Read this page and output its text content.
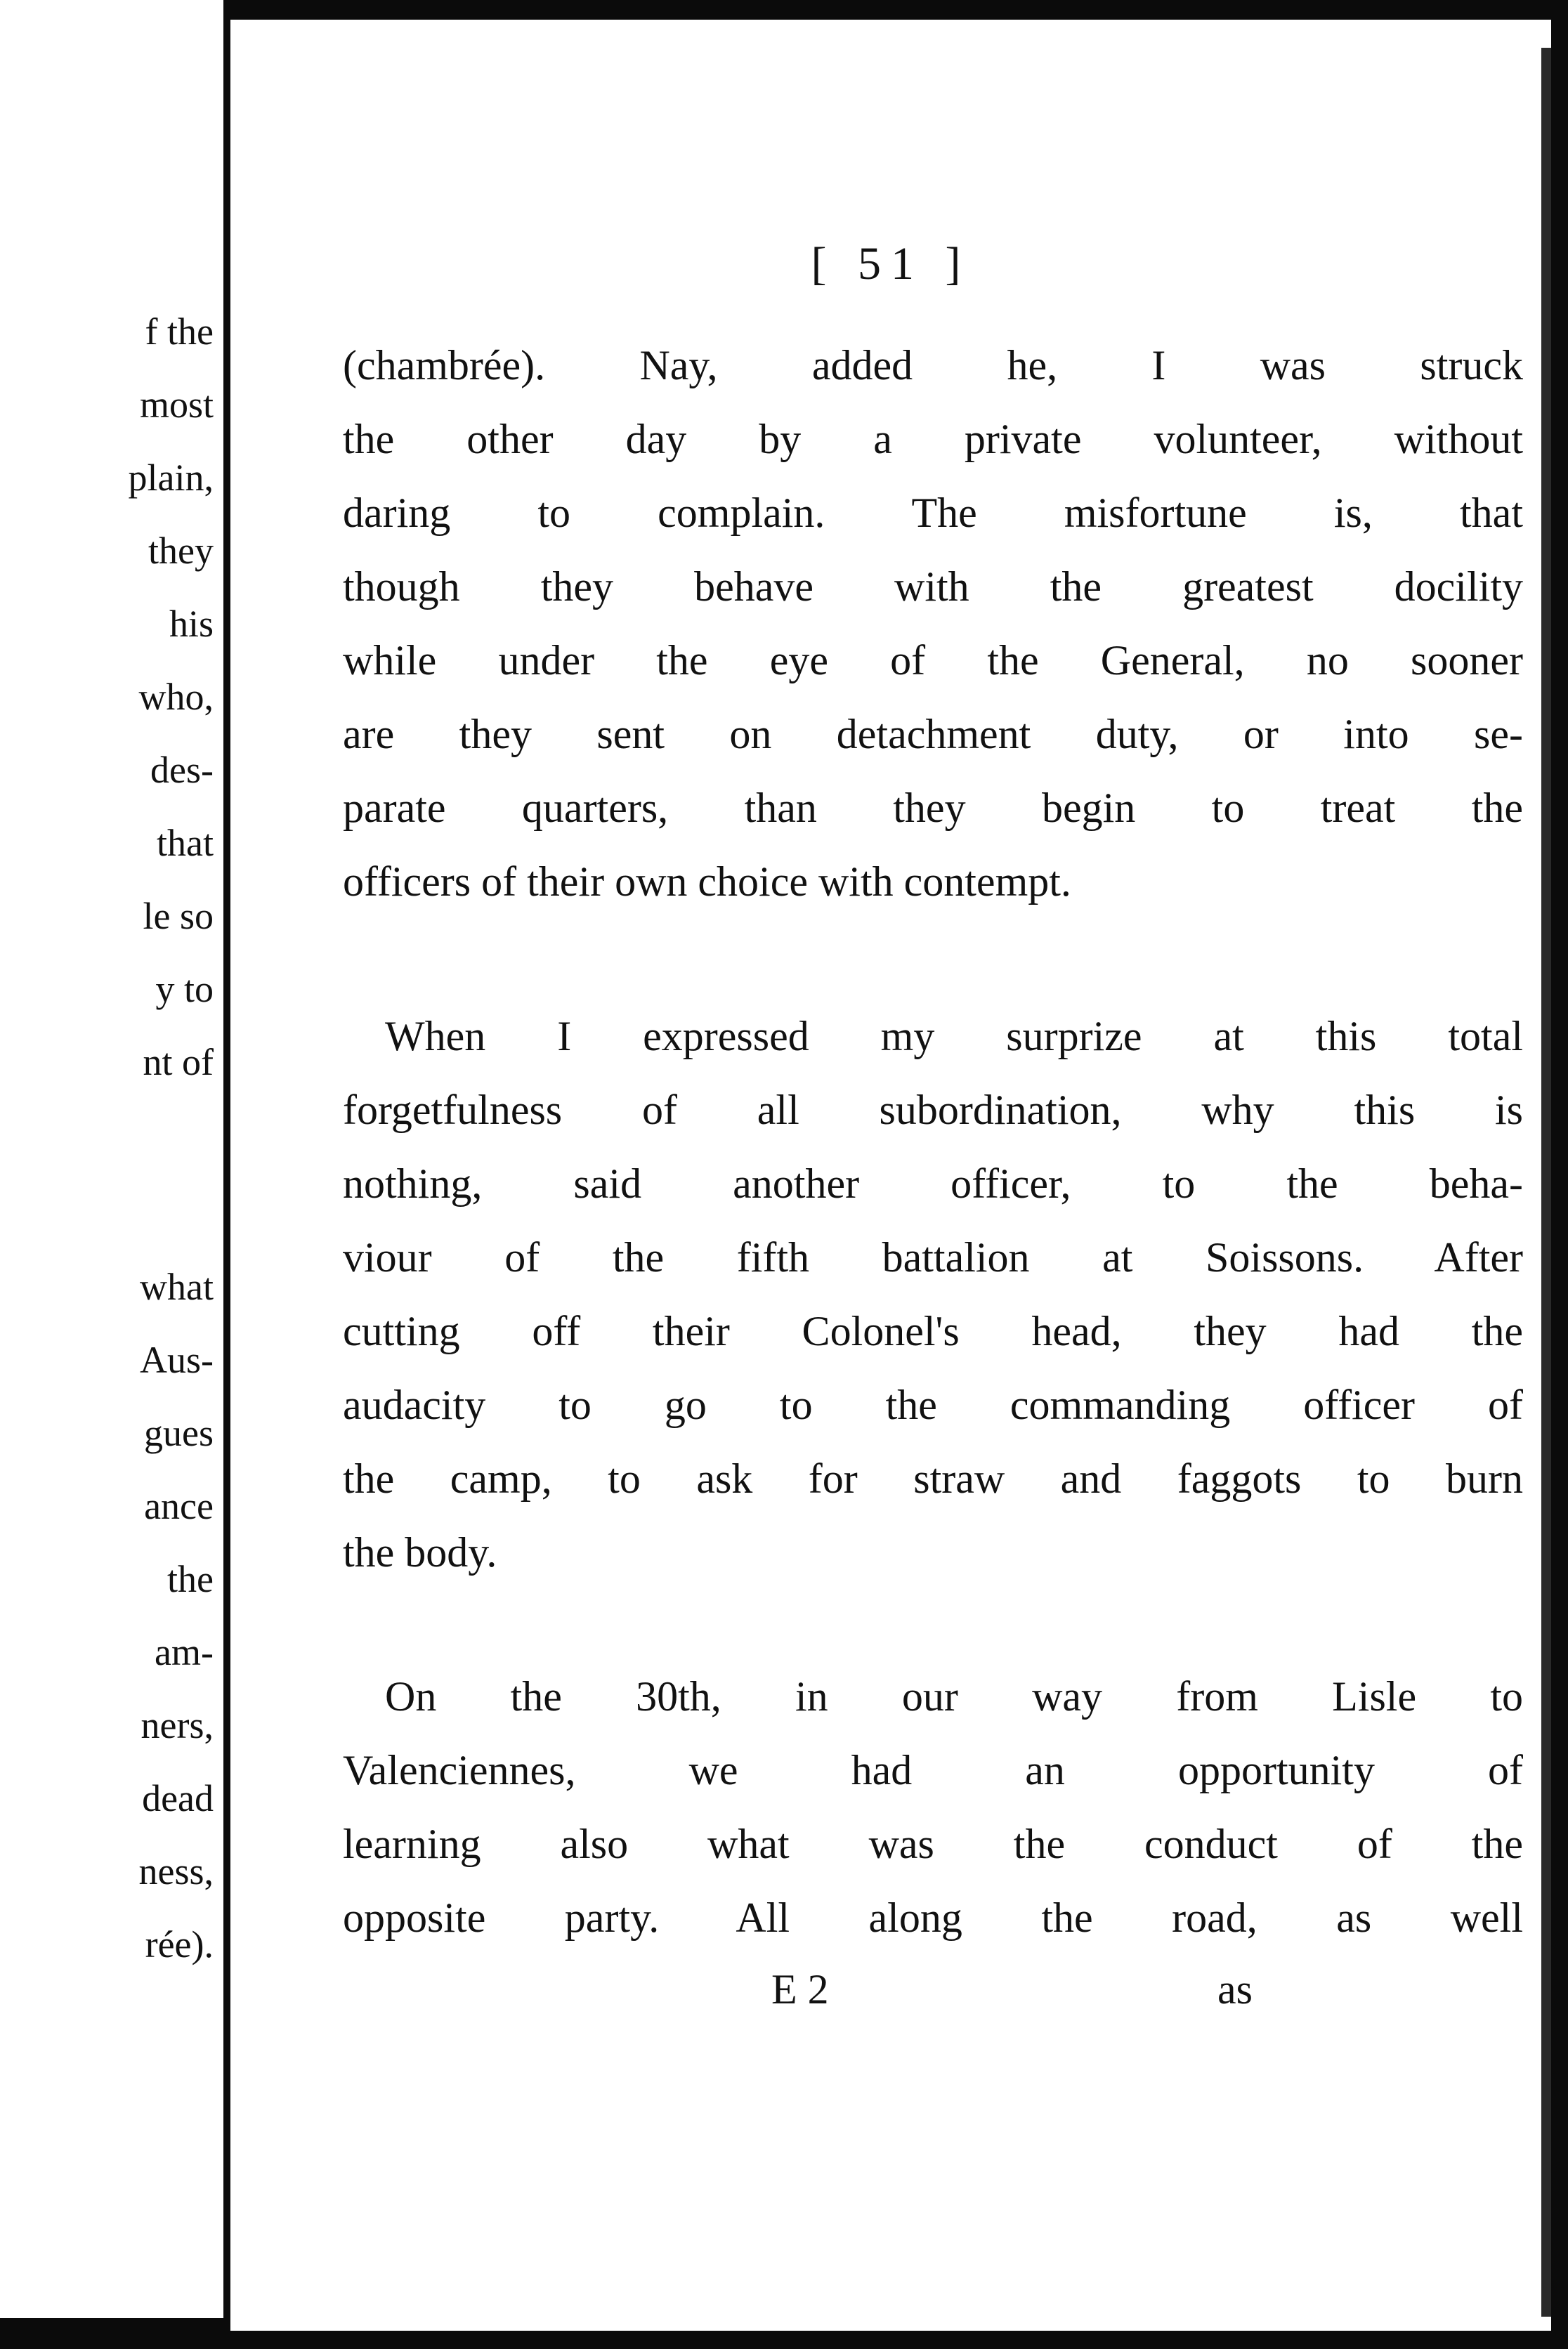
f the
most
plain,
they
his
who,
des-
that
le so
y to
nt of
what
Aus-
gues
ance
the
am-
ners,
dead
ness,
rée).
[ 51 ]
(chambrée). Nay, added he, I was struck
the other day by a private volunteer, without
daring to complain. The misfortune is, that
though they behave with the greatest docility
while under the eye of the General, no sooner
are they sent on detachment duty, or into se-
parate quarters, than they begin to treat the
officers of their own choice with contempt.
When I expressed my surprize at this total
forgetfulness of all subordination, why this is
nothing, said another officer, to the beha-
viour of the fifth battalion at Soissons. After
cutting off their Colonel's head, they had the
audacity to go to the commanding officer of
the camp, to ask for straw and faggots to burn
the body.
On the 30th, in our way from Lisle to
Valenciennes, we had an opportunity of
learning also what was the conduct of the
opposite party. All along the road, as well
E 2	as
